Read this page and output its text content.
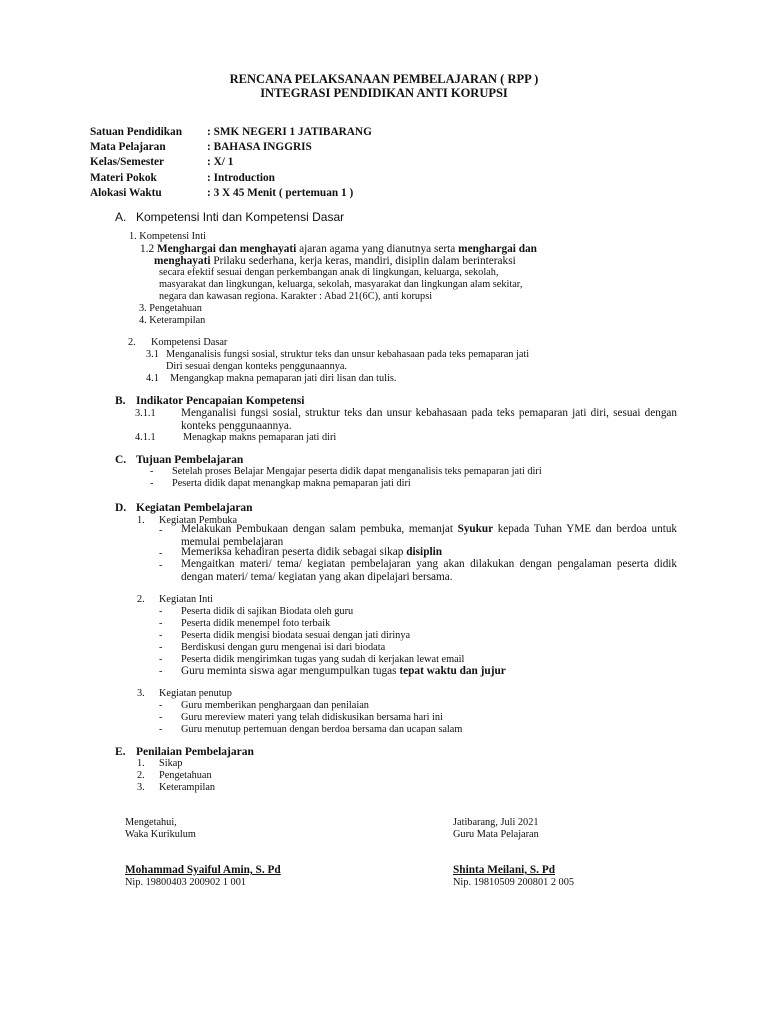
RENCANA PELAKSANAAN PEMBELAJARAN ( RPP )
INTEGRASI PENDIDIKAN ANTI KORUPSI
Satuan Pendidikan : SMK NEGERI 1 JATIBARANG
Mata Pelajaran	: BAHASA INGGRIS
Kelas/Semester	: X/ 1
Materi Pokok	: Introduction
Alokasi Waktu	: 3 X 45 Menit ( pertemuan 1 )
A. Kompetensi Inti dan Kompetensi Dasar
1. Kompetensi Inti
1.2 Menghargai dan menghayati ajaran agama yang dianutnya serta menghargai dan
menghayati Prilaku sederhana, kerja keras, mandiri, disiplin dalam berinteraksi
secara efektif sesuai dengan perkembangan anak di lingkungan, keluarga, sekolah,
masyarakat dan lingkungan, keluarga, sekolah, masyarakat dan lingkungan alam sekitar,
negara dan kawasan regiona. Karakter : Abad 21(6C), anti korupsi
3. Pengetahuan
4. Keterampilan
2. Kompetensi Dasar
3.1 Menganalisis fungsi sosial, struktur teks dan unsur kebahasaan pada teks pemaparan jati
Diri sesuai dengan konteks penggunaannya.
4.1 Mengangkap makna pemaparan jati diri lisan dan tulis.
B. Indikator Pencapaian Kompetensi
3.1.1 Menganalisi fungsi sosial, struktur teks dan unsur kebahasaan pada teks pemaparan jati diri, sesuai dengan konteks penggunaannya.
4.1.1	Menagkap makns pemaparan jati diri
C. Tujuan Pembelajaran
- Setelah proses Belajar Mengajar peserta didik dapat menganalisis teks pemaparan jati diri
- Peserta didik dapat menangkap makna pemaparan jati diri
D. Kegiatan Pembelajaran
1. Kegiatan Pembuka
- Melakukan Pembukaan dengan salam pembuka, memanjat Syukur kepada Tuhan YME dan berdoa untuk memulai pembelajaran
- Memeriksa kehadiran peserta didik sebagai sikap disiplin
- Mengaitkan materi/ tema/ kegiatan pembelajaran yang akan dilakukan dengan pengalaman peserta didik dengan materi/ tema/ kegiatan yang akan dipelajari bersama.
2. Kegiatan Inti
- Peserta didik di sajikan Biodata oleh guru
- Peserta didik menempel foto terbaik
- Peserta didik mengisi biodata sesuai dengan jati dirinya
- Berdiskusi dengan guru mengenai isi dari biodata
- Peserta didik mengirimkan tugas yang sudah di kerjakan lewat email
- Guru meminta siswa agar mengumpulkan tugas tepat waktu dan jujur
3. Kegiatan penutup
- Guru memberikan penghargaan dan penilaian
- Guru mereview materi yang telah didiskusikan bersama hari ini
- Guru menutup pertemuan dengan berdoa bersama dan ucapan salam
E. Penilaian Pembelajaran
1. Sikap
2. Pengetahuan
3. Keterampilan
Mengetahui,
Waka Kurikulum
Mohammad Syaiful Amin, S. Pd
Nip. 19800403 200902 1 001
Jatibarang, Juli 2021
Guru Mata Pelajaran
Shinta Meilani, S. Pd
Nip. 19810509 200801 2 005
